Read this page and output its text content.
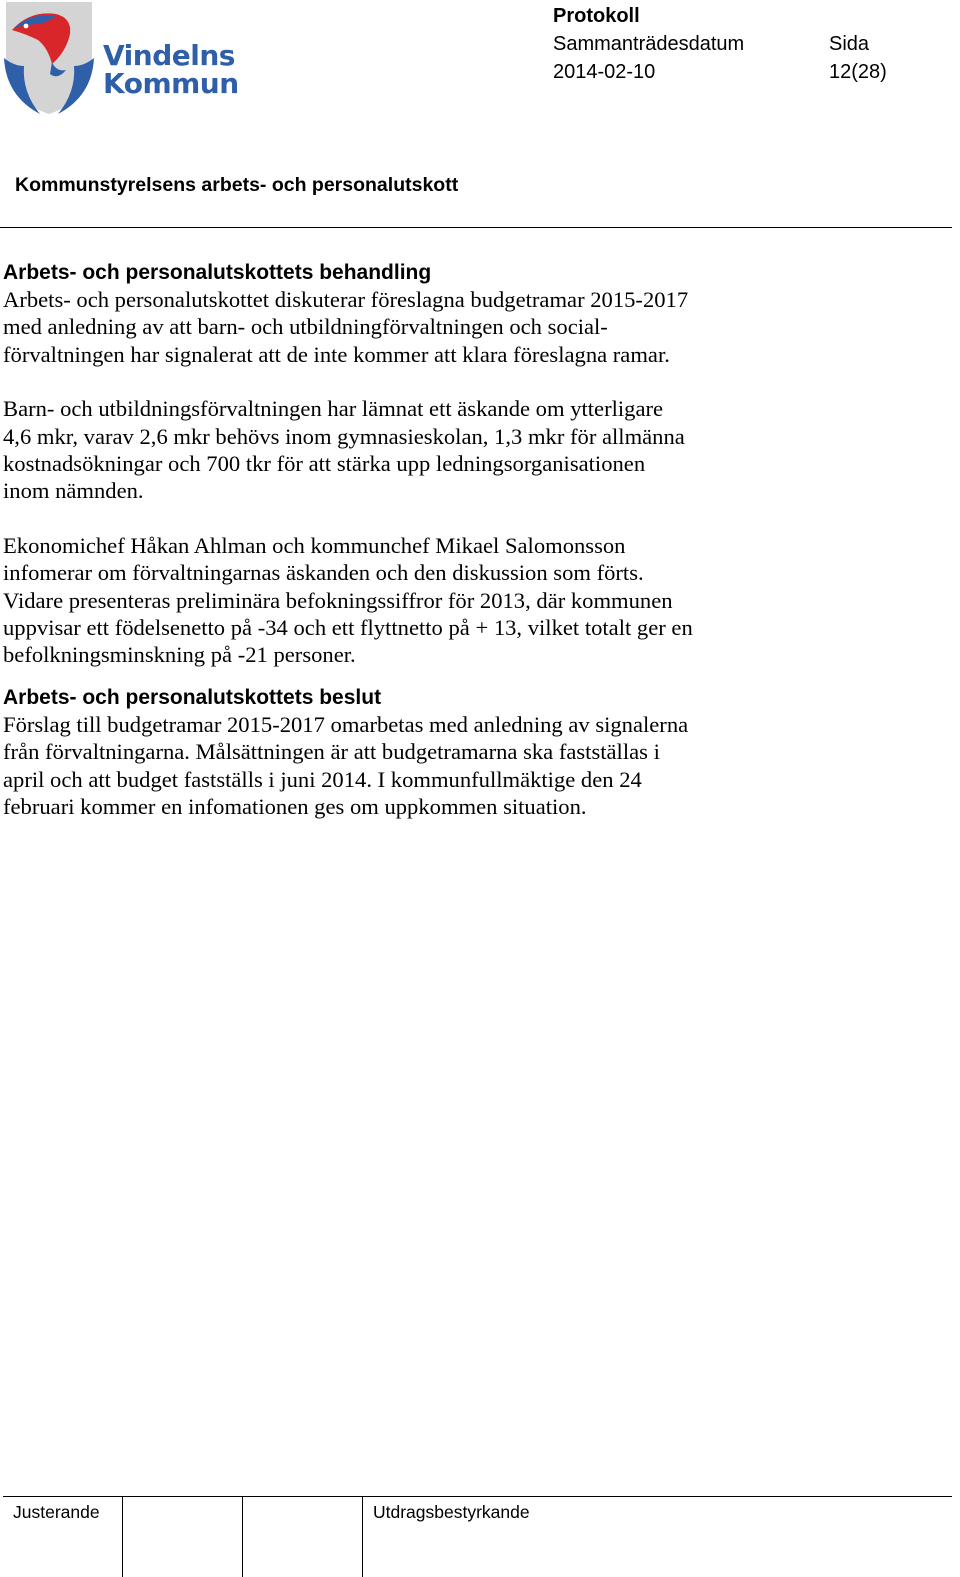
Vindelns
Kommun
Protokoll
Sammanträdesdatum
2014-02-10
Sida
12(28)
Kommunstyrelsens arbets- och personalutskott

Arbets- och personalutskottets behandling

Arbets- och personalutskottet diskuterar föreslagna budgetramar 2015-2017
med anledning av att barn- och utbildningförvaltningen och social-
förvaltningen har signalerat att de inte kommer att klara föreslagna ramar.

Barn- och utbildningsförvaltningen har lämnat ett äskande om ytterligare
4,6 mkr, varav 2,6 mkr behövs inom gymnasieskolan, 1,3 mkr för allmänna
kostnadsökningar och 700 tkr för att stärka upp ledningsorganisationen
inom nämnden.

Ekonomichef Håkan Ahlman och kommunchef Mikael Salomonsson
infomerar om förvaltningarnas äskanden och den diskussion som förts.
Vidare presenteras preliminära befokningssiffror för 2013, där kommunen
uppvisar ett födelsenetto på -34 och ett flyttnetto på + 13, vilket totalt ger en
befolkningsminskning på -21 personer.

Arbets- och personalutskottets beslut

Förslag till budgetramar 2015-2017 omarbetas med anledning av signalerna
från förvaltningarna. Målsättningen är att budgetramarna ska fastställas i
april och att budget fastställs i juni 2014. I kommunfullmäktige den 24
februari kommer en infomationen ges om uppkommen situation.

Justerande	Utdragsbestyrkande
